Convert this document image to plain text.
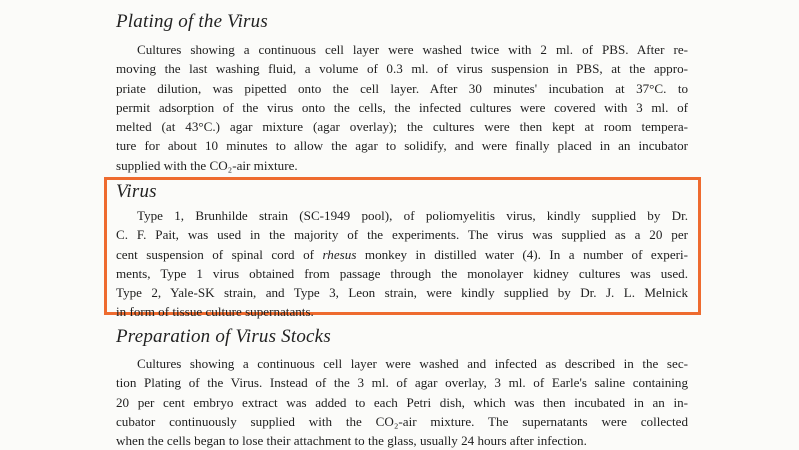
Plating of the Virus
Cultures showing a continuous cell layer were washed twice with 2 ml. of PBS. After re-
moving the last washing fluid, a volume of 0.3 ml. of virus suspension in PBS, at the appro-
priate dilution, was pipetted onto the cell layer. After 30 minutes' incubation at 37°C. to
permit adsorption of the virus onto the cells, the infected cultures were covered with 3 ml. of
melted (at 43°C.) agar mixture (agar overlay); the cultures were then kept at room tempera-
ture for about 10 minutes to allow the agar to solidify, and were finally placed in an incubator
supplied with the CO₂-air mixture.
Virus
Type 1, Brunhilde strain (SC-1949 pool), of poliomyelitis virus, kindly supplied by Dr.
C. F. Pait, was used in the majority of the experiments. The virus was supplied as a 20 per
cent suspension of spinal cord of rhesus monkey in distilled water (4). In a number of experi-
ments, Type 1 virus obtained from passage through the monolayer kidney cultures was used.
Type 2, Yale-SK strain, and Type 3, Leon strain, were kindly supplied by Dr. J. L. Melnick
in form of tissue culture supernatants.
Preparation of Virus Stocks
Cultures showing a continuous cell layer were washed and infected as described in the sec-
tion Plating of the Virus. Instead of the 3 ml. of agar overlay, 3 ml. of Earle's saline containing
20 per cent embryo extract was added to each Petri dish, which was then incubated in an in-
cubator continuously supplied with the CO₂-air mixture. The supernatants were collected
when the cells began to lose their attachment to the glass, usually 24 hours after infection.
